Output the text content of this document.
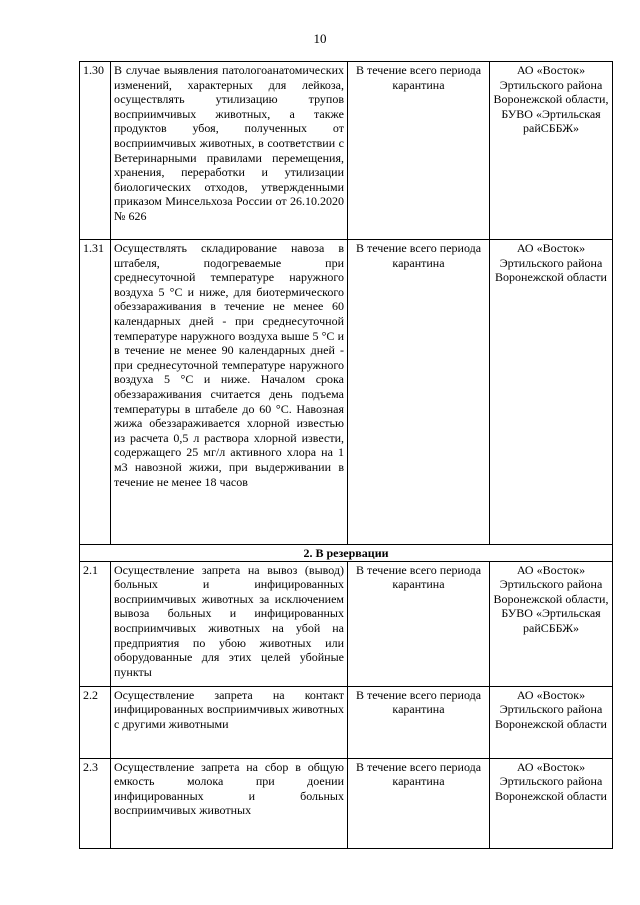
10
1.30	В случае выявления патологоанатомических изменений, характерных для лейкоза, осуществлять утилизацию трупов восприимчивых животных, а также продуктов убоя, полученных от восприимчивых животных, в соответствии с Ветеринарными правилами перемещения, хранения, переработки и утилизации биологических отходов, утвержденными приказом Минсельхоза России от 26.10.2020 № 626	В течение всего периода карантина	АО «Восток» Эртильского района Воронежской области, БУВО «Эртильская райСББЖ»
1.31	Осуществлять складирование навоза в штабеля, подогреваемые при среднесуточной температуре наружного воздуха 5 °С и ниже, для биотермического обеззараживания в течение не менее 60 календарных дней - при среднесуточной температуре наружного воздуха выше 5 °С и в течение не менее 90 календарных дней - при среднесуточной температуре наружного воздуха 5 °С и ниже. Началом срока обеззараживания считается день подъема температуры в штабеле до 60 °С. Навозная жижа обеззараживается хлорной известью из расчета 0,5 л раствора хлорной извести, содержащего 25 мг/л активного хлора на 1 м3 навозной жижи, при выдерживании в течение не менее 18 часов	В течение всего периода карантина	АО «Восток» Эртильского района Воронежской области
2. В резервации			
2.1	Осуществление запрета на вывоз (вывод) больных и инфицированных восприимчивых животных за исключением вывоза больных и инфицированных восприимчивых животных на убой на предприятия по убою животных или оборудованные для этих целей убойные пункты	В течение всего периода карантина	АО «Восток» Эртильского района Воронежской области, БУВО «Эртильская райСББЖ»
2.2	Осуществление запрета на контакт инфицированных восприимчивых животных с другими животными	В течение всего периода карантина	АО «Восток» Эртильского района Воронежской области
2.3	Осуществление запрета на сбор в общую емкость молока при доении инфицированных и больных восприимчивых животных	В течение всего периода карантина	АО «Восток» Эртильского района Воронежской области
